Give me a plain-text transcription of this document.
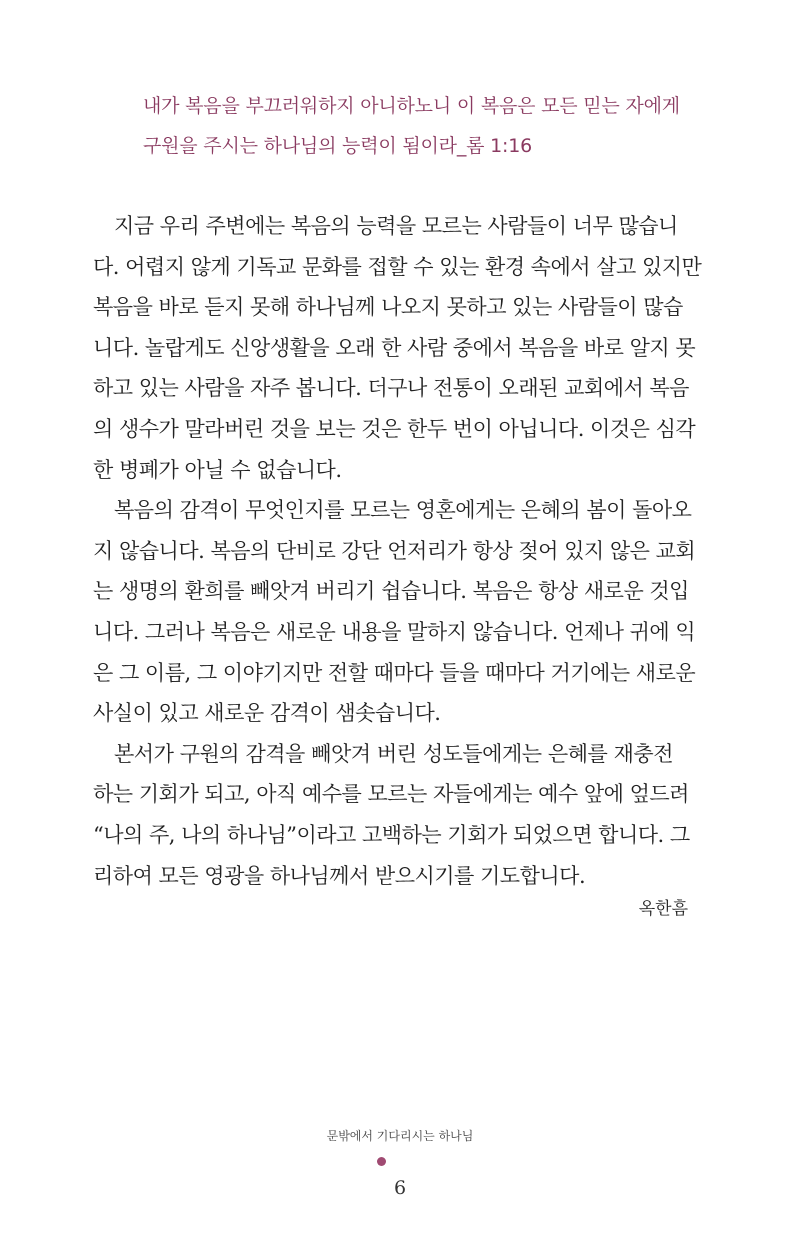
내가 복음을 부끄러워하지 아니하노니 이 복음은 모든 믿는 자에게
구원을 주시는 하나님의 능력이 됨이라_롬 1:16
지금 우리 주변에는 복음의 능력을 모르는 사람들이 너무 많습니
다. 어렵지 않게 기독교 문화를 접할 수 있는 환경 속에서 살고 있지만
복음을 바로 듣지 못해 하나님께 나오지 못하고 있는 사람들이 많습
니다. 놀랍게도 신앙생활을 오래 한 사람 중에서 복음을 바로 알지 못
하고 있는 사람을 자주 봅니다. 더구나 전통이 오래된 교회에서 복음
의 생수가 말라버린 것을 보는 것은 한두 번이 아닙니다. 이것은 심각
한 병폐가 아닐 수 없습니다.
복음의 감격이 무엇인지를 모르는 영혼에게는 은혜의 봄이 돌아오
지 않습니다. 복음의 단비로 강단 언저리가 항상 젖어 있지 않은 교회
는 생명의 환희를 빼앗겨 버리기 쉽습니다. 복음은 항상 새로운 것입
니다. 그러나 복음은 새로운 내용을 말하지 않습니다. 언제나 귀에 익
은 그 이름, 그 이야기지만 전할 때마다 들을 때마다 거기에는 새로운
사실이 있고 새로운 감격이 샘솟습니다.
본서가 구원의 감격을 빼앗겨 버린 성도들에게는 은혜를 재충전
하는 기회가 되고, 아직 예수를 모르는 자들에게는 예수 앞에 엎드려
“나의 주, 나의 하나님”이라고 고백하는 기회가 되었으면 합니다. 그
리하여 모든 영광을 하나님께서 받으시기를 기도합니다.
옥한흠
문밖에서 기다리시는 하나님
6
